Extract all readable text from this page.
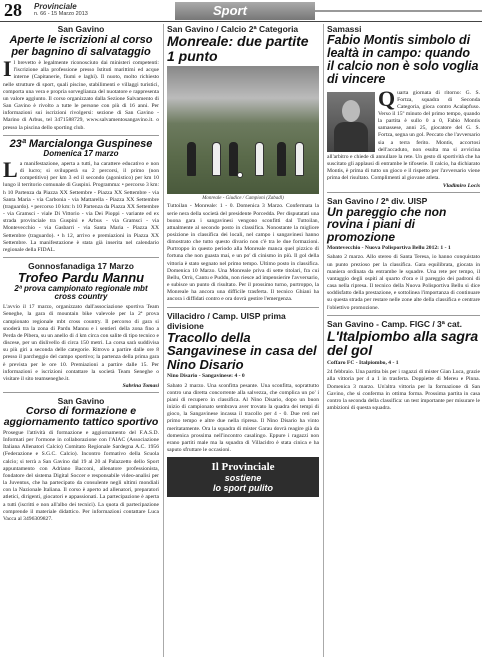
28 Provinciale
n. 66 - 15 Marzo 2013	Sport
San Gavino
Aperte le iscrizioni al corso per bagnino di salvataggio
Il brevetto è legalmente riconosciuto dai ministeri competenti: l'iscrizione alla professione presso Istituti marittimi ed acque interne (Capitanerie, fiumi e laghi). Il nuoto, molto richiesto nelle strutture di sport, quali piscine, stabilimenti e villaggi turistici, comporta una vera e propria sorveglianza del nuotatore e rappresenta un valore aggiunto. Il corso organizzato dalla Sezione Salvamento di San Gavino è rivolto a tutte le persone con più di 16 anni. Per informazioni sui iscrizioni rivolgersi: sezione di San Gavino - Marino di Arbus, tel 3471588729, www.salvamentosangavino.it. o presso la piscina dello sporting club.
23ª Marcialonga Guspinese
Domenica 17 marzo
La manifestazione, aperta a tutti, ha carattere educativo e non di lucro; si svilupperà su 2 percorsi, il primo (non competitivo) per km 3 ed il secondo (agonistico) per km 10 lungo il territorio comunale di Guspini. Programma: • percorso 3 km: h 10 Partenza da Piazza XX Settembre - Piazza XX Settembre - via Santa Maria - via Carbonia - via Mattarella - Piazza XX Settembre (traguardo). • percorso 10 km: h 10 Partenza da Piazza XX Settembre - via Gramsci - viale Di Vittorio - via Dei Pioppi - variante ed ex strada provinciale tra Guspini e Arbus - via Gramsci - via Montevecchio - via Gasbarri - via Santa Maria - Piazza XX Settembre (traguardo). • h 12, arrivo e premiazioni in Piazza XX Settembre. La manifestazione è stata già inserita nel calendario regionale della FIDAL.
Gonnosfanadiga 17 Marzo
Trofeo Pardu Mannu
2ª prova campionato regionale mbt cross country
L'avvio il 17 marzo, organizzato dall'associazione sportiva Team Seneghe, la gara di mountain bike valevole per la 2ª prova campionato regionale mbt cross country. Il percorso di gara si snoderà tra la zona di Pardu Mannu e i sentieri della zona fino a Perda de Pibera, su un anello di 4 km circa con salite di tipo tecnico e discese, per un dislivello di circa 150 metri. La corsa sarà suddivisa su più giri a seconda delle categorie. Ritrovo a partire dalle ore 8 presso il parcheggio del campo sportivo; la partenza della prima gara è prevista per le ore 10. Premiazioni a partire dalle 15. Per informazioni e iscrizioni contattare la società Team Seneghe o visitare il sito teamseneghe.it.
Sabrina Tomasi
San Gavino
Corso di formazione e aggiornamento tattico sportivo
Prosegue l'attività di formazione e aggiornamento del F.A.S.D. Informati per l'ormone in collaborazione con l'AIAC (Associazione Italiana Allenatori Calcio) Comitato Regionale Sardegna A.C. 1956 (Federazione e S.G.C. Calcio). Incontro formativo della Scuola calcio; si terrà a San Gavino dal 19 al 20 al Palazzetto dello Sport appuntamento con Adriano Bacconi, allenatore professionista, fondatore del sistema Digital Soccer e responsabile video-analisi per la Juventus, che ha partecipato da consulente negli ultimi mondiali con la Nazionale Italiana. Il corso è aperto ad allenatori, preparatori atletici, dirigenti, giocatori e appassionati. La partecipazione è aperta a tutti (iscritti e non all'albo dei tecnici). La quota di partecipazione comprende il materiale didattico. Per informazioni contattare Luca Vacca al 3496309827.
San Gavino / Calcio 2ª Categoria
Monreale: due partite 1 punto
Monreale - Giudice / Campioni (Zabadl)
Tuttoilan - Monreale: 1 - 0. Domenica 3 Marzo. Confermata la serie nera della società del presidente Porcedda. Per disputatati una buona gara i sangavinesi vengono sconfitti dal Tuttoilan, attualmente al secondo posto in classifica. Nonostante la migliore posizione in classifica dei locali, nel campo i sangavinesi hanno dimostrato che tutto questo divario non c'è tra le due formazioni. Purtroppo in questo periodo alla Monreale manca quel pizzico di fortuna che non guasta mai, e un po' di cinismo in più. Il gol della vittoria è stato segnato nel primo tempo. Ultimo posto in classifica. Domenica 10 Marzo. Una Monreale priva di sette titolari, fra cui Bellu, Orrù, Cantu e Puddu, non riesce ad impensierire l'avversario, e subisce un punto di risultato. Per il prossimo turno, purtroppo, la Monreale ha ancora una difficile trasferta. Il tecnico Ghiani ha ancora i diffidati contro e ora dovrà gestire l'emergenza.
Villacidro / Camp. UISP prima divisione
Tracollo della Sangavinese in casa del Nino Disario
Nino Disario - Sangavinese: 4 - 0
Sabato 2 marzo. Una sconfitta pesante. Una sconfitta, soprattutto contro una diretta concorrente alla salvezza, che complica un po' i piani di recupero in classifica. Al Nino Disario, dopo un buon inizio di campionato sembrava aver trovato la quadra dei tempi di gioco, la Sangavinese incassa il tracollo per 4 - 0. Due reti nel primo tempo e altre due nella ripresa. Il Nino Disario ha vinto meritatamente. Ora la squadra di mister Garau dovrà reagire già da domenica prossima nell'incontro casalingo. Eppure i ragazzi non erano partiti male ma la squadra di Villacidro è stata cinica e ha saputo sfruttare le occasioni.
Il Provinciale
sostiene
lo sport pulito
Samassi
Fabio Montis simbolo di lealtà in campo: quando il calcio non è solo voglia di vincere
Quarta giornata di ritorno: G. S. Fortza, squadra di Seconda Categoria, gioca contro Acalapfuso. Verso il 15º minuto del primo tempo, quando la partita è sullo 0 a 0, Fabio Montis samassese, anni 25, giocatore del G. S. Fortza, segna un gol. Peccato che l'avversario sia a terra ferito. Montis, accortosi dell'accaduto, non esulta ma si avvicina all'arbitro e chiede di annullare la rete. Un gesto di sportività che ha suscitato gli applausi di entrambe le tifoserie. Il calcio, ha dichiarato Montis, è prima di tutto un gioco e il rispetto per l'avversario viene prima del risultato. Complimenti al giovane atleta.
Vladimiro Locis
San Gavino / 2ª div. UISP
Un pareggio che non rovina i piani di promozione
Montevecchio - Nuova Polisportiva Bellu 2012: 1 - 1
Sabato 2 marzo. Allo stereo di Santa Teresa, io hanno conquistato un punto prezioso per la classifica. Gara equilibrata, giocata in maniera ordinata da entrambe le squadre. Una rete per tempo, il vantaggio degli ospiti al quarto d'ora e il pareggio dei padroni di casa nella ripresa. Il tecnico della Nuova Polisportiva Bellu si dice soddisfatto della prestazione, e sottolinea l'importanza di continuare su questa strada per restare nelle zone alte della classifica e centrare l'obiettivo promozione.
San Gavino - Camp. FIGC / 3ª cat.
L'Italpiombo alla sagra del gol
Coffaro FC - Italpiombo, 4 - 1
24 febbraio. Una partita bis per i ragazzi di mister Gian Luca, grazie alla vittoria per 4 a 1 in trasferta. Doppiette di Mereu e Pinna. Domenica 3 marzo. Un'altra vittoria per la formazione di San Gavino, che si conferma in ottima forma. Prossima partita in casa contro la seconda della classifica: un test importante per misurare le ambizioni di questa squadra.
